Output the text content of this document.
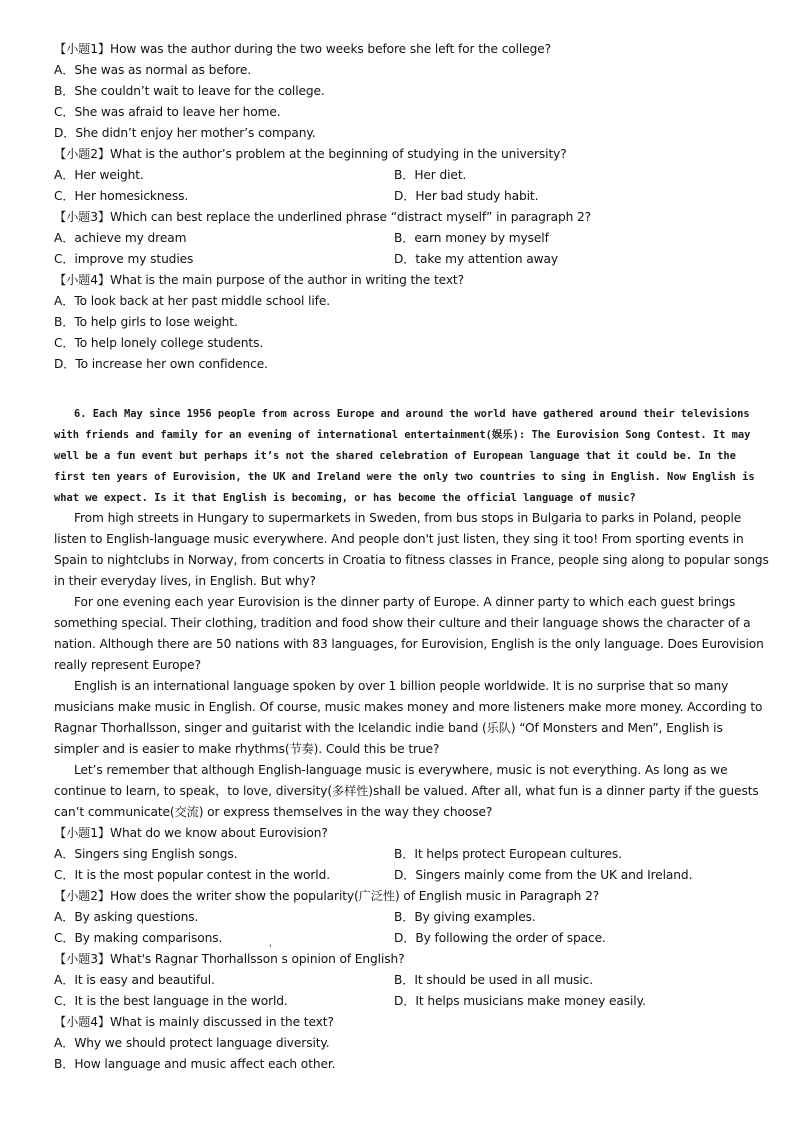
【小题1】How was the author during the two weeks before she left for the college?
A．She was as normal as before.
B．She couldn’t wait to leave for the college.
C．She was afraid to leave her home.
D．She didn’t enjoy her mother’s company.
【小题2】What is the author’s problem at the beginning of studying in the university?
A．Her weight.	B．Her diet.
C．Her homesickness.	D．Her bad study habit.
【小题3】Which can best replace the underlined phrase “distract myself” in paragraph 2?
A．achieve my dream	B．earn money by myself
C．improve my studies	D．take my attention away
【小题4】What is the main purpose of the author in writing the text?
A．To look back at her past middle school life.
B．To help girls to lose weight.
C．To help lonely college students.
D．To increase her own confidence.
6. Each May since 1956 people from across Europe and around the world have gathered around their televisions
with friends and family for an evening of international entertainment(娱乐): The Eurovision Song Contest. It may
well be a fun event but perhaps it’s not the shared celebration of European language that it could be. In the
first ten years of Eurovision, the UK and Ireland were the only two countries to sing in English. Now English is
what we expect. Is it that English is becoming, or has become the official language of music?
From high streets in Hungary to supermarkets in Sweden, from bus stops in Bulgaria to parks in Poland, people
listen to English-language music everywhere. And people don't just listen, they sing it too! From sporting events in
Spain to nightclubs in Norway, from concerts in Croatia to fitness classes in France, people sing along to popular songs
in their everyday lives, in English. But why?
For one evening each year Eurovision is the dinner party of Europe. A dinner party to which each guest brings
something special. Their clothing, tradition and food show their culture and their language shows the character of a
nation. Although there are 50 nations with 83 languages, for Eurovision, English is the only language. Does Eurovision
really represent Europe?
English is an international language spoken by over 1 billion people worldwide. It is no surprise that so many
musicians make music in English. Of course, music makes money and more listeners make more money. According to
Ragnar Thorhallsson, singer and guitarist with the Icelandic indie band (乐队) “Of Monsters and Men”, English is
simpler and is easier to make rhythms(节奏). Could this be true?
Let’s remember that although English-language music is everywhere, music is not everything. As long as we
continue to learn, to speak，to love, diversity(多样性)shall be valued. After all, what fun is a dinner party if the guests
can’t communicate(交流) or express themselves in the way they choose?
【小题1】What do we know about Eurovision?
A．Singers sing English songs.	B．It helps protect European cultures.
C．It is the most popular contest in the world.	D．Singers mainly come from the UK and Ireland.
【小题2】How does the writer show the popularity(广泛性) of English music in Paragraph 2?
A．By asking questions.	B．By giving examples.
C．By making comparisons.	D．By following the order of space.
【小题3】What's Ragnar Thorhallsson s opinion of English?
'
A．It is easy and beautiful.	B．It should be used in all music.
C．It is the best language in the world.	D．It helps musicians make money easily.
【小题4】What is mainly discussed in the text?
A．Why we should protect language diversity.
B．How language and music affect each other.
